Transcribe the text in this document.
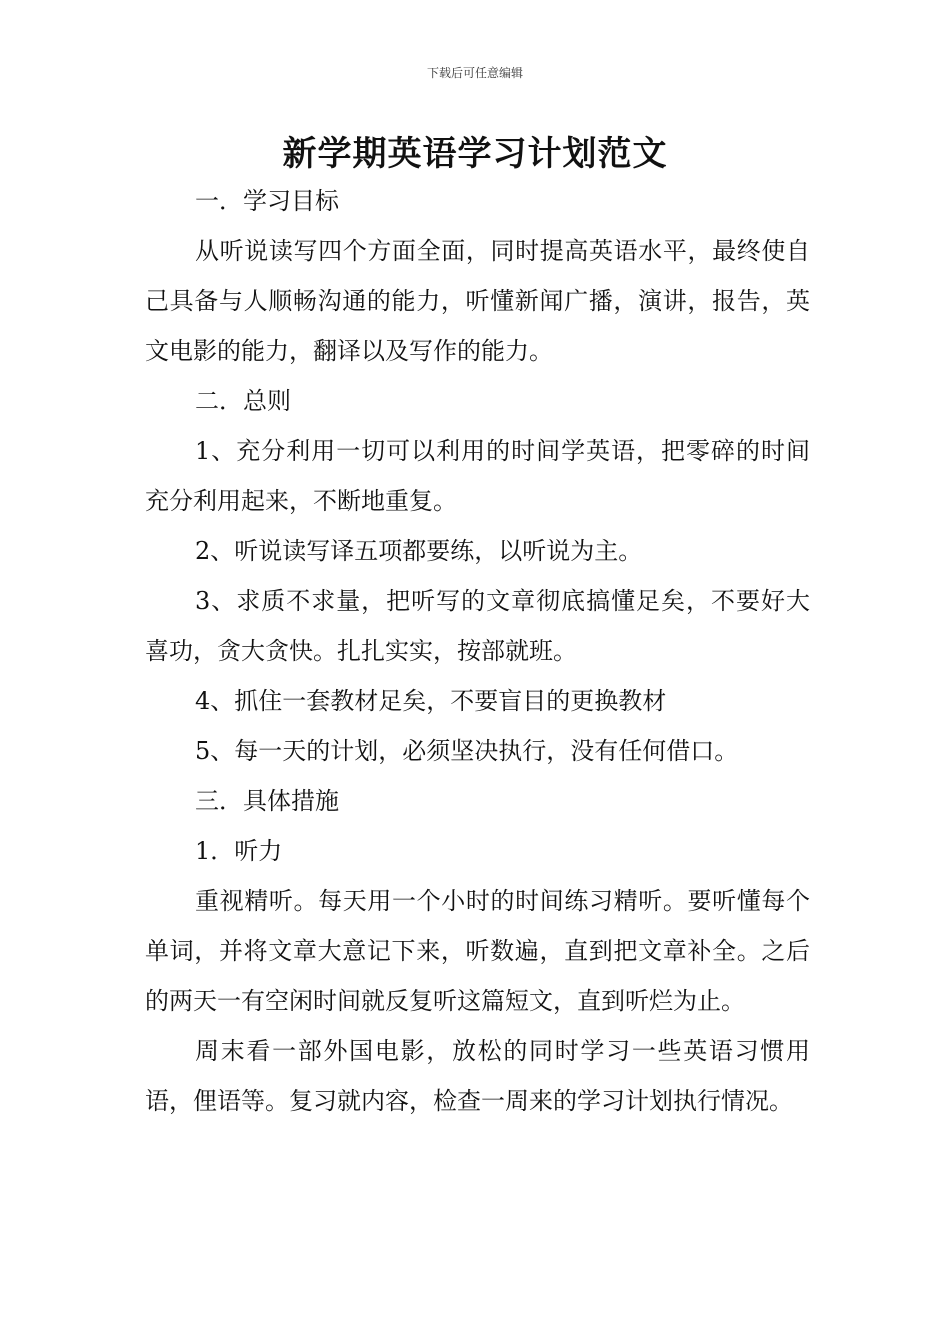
下载后可任意编辑
新学期英语学习计划范文

一．学习目标

从听说读写四个方面全面，同时提高英语水平，最终使自己具备与人顺畅沟通的能力，听懂新闻广播，演讲，报告，英文电影的能力，翻译以及写作的能力。

二．总则

1、充分利用一切可以利用的时间学英语，把零碎的时间充分利用起来，不断地重复。

2、听说读写译五项都要练，以听说为主。

3、求质不求量，把听写的文章彻底搞懂足矣，不要好大喜功，贪大贪快。扎扎实实，按部就班。

4、抓住一套教材足矣，不要盲目的更换教材

5、每一天的计划，必须坚决执行，没有任何借口。

三．具体措施

1．听力

重视精听。每天用一个小时的时间练习精听。要听懂每个单词，并将文章大意记下来，听数遍，直到把文章补全。之后的两天一有空闲时间就反复听这篇短文，直到听烂为止。

周末看一部外国电影，放松的同时学习一些英语习惯用语，俚语等。复习就内容，检查一周来的学习计划执行情况。
